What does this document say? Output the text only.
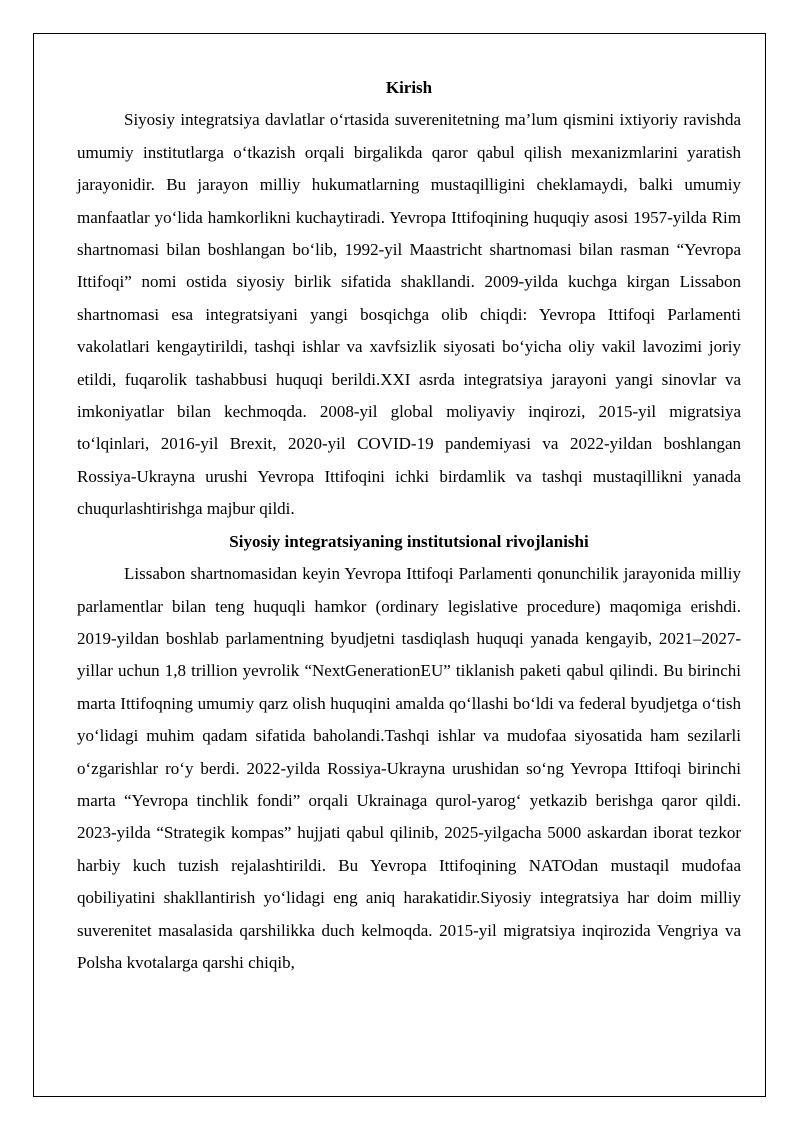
Kirish

Siyosiy integratsiya davlatlar o‘rtasida suverenitetning ma’lum qismini ixtiyoriy ravishda umumiy institutlarga o‘tkazish orqali birgalikda qaror qabul qilish mexanizmlarini yaratish jarayonidir. Bu jarayon milliy hukumatlarning mustaqilligini cheklamaydi, balki umumiy manfaatlar yo‘lida hamkorlikni kuchaytiradi. Yevropa Ittifoqining huquqiy asosi 1957-yilda Rim shartnomasi bilan boshlangan bo‘lib, 1992-yil Maastricht shartnomasi bilan rasman “Yevropa Ittifoqi” nomi ostida siyosiy birlik sifatida shakllandi. 2009-yilda kuchga kirgan Lissabon shartnomasi esa integratsiyani yangi bosqichga olib chiqdi: Yevropa Ittifoqi Parlamenti vakolatlari kengaytirildi, tashqi ishlar va xavfsizlik siyosati bo‘yicha oliy vakil lavozimi joriy etildi, fuqarolik tashabbusi huquqi berildi.XXI asrda integratsiya jarayoni yangi sinovlar va imkoniyatlar bilan kechmoqda. 2008-yil global moliyaviy inqirozi, 2015-yil migratsiya to‘lqinlari, 2016-yil Brexit, 2020-yil COVID-19 pandemiyasi va 2022-yildan boshlangan Rossiya-Ukrayna urushi Yevropa Ittifoqini ichki birdamlik va tashqi mustaqillikni yanada chuqurlashtirishga majbur qildi.

Siyosiy integratsiyaning institutsional rivojlanishi

Lissabon shartnomasidan keyin Yevropa Ittifoqi Parlamenti qonunchilik jarayonida milliy parlamentlar bilan teng huquqli hamkor (ordinary legislative procedure) maqomiga erishdi. 2019-yildan boshlab parlamentning byudjetni tasdiqlash huquqi yanada kengayib, 2021–2027-yillar uchun 1,8 trillion yevrolik “NextGenerationEU” tiklanish paketi qabul qilindi. Bu birinchi marta Ittifoqning umumiy qarz olish huquqini amalda qo‘llashi bo‘ldi va federal byudjetga o‘tish yo‘lidagi muhim qadam sifatida baholandi.Tashqi ishlar va mudofaa siyosatida ham sezilarli o‘zgarishlar ro‘y berdi. 2022-yilda Rossiya-Ukrayna urushidan so‘ng Yevropa Ittifoqi birinchi marta “Yevropa tinchlik fondi” orqali Ukrainaga qurol-yarog‘ yetkazib berishga qaror qildi. 2023-yilda “Strategik kompas” hujjati qabul qilinib, 2025-yilgacha 5000 askardan iborat tezkor harbiy kuch tuzish rejalashtirildi. Bu Yevropa Ittifoqining NATOdan mustaqil mudofaa qobiliyatini shakllantirish yo‘lidagi eng aniq harakatidir.Siyosiy integratsiya har doim milliy suverenitet masalasida qarshilikka duch kelmoqda. 2015-yil migratsiya inqirozida Vengriya va Polsha kvotalarga qarshi chiqib,
